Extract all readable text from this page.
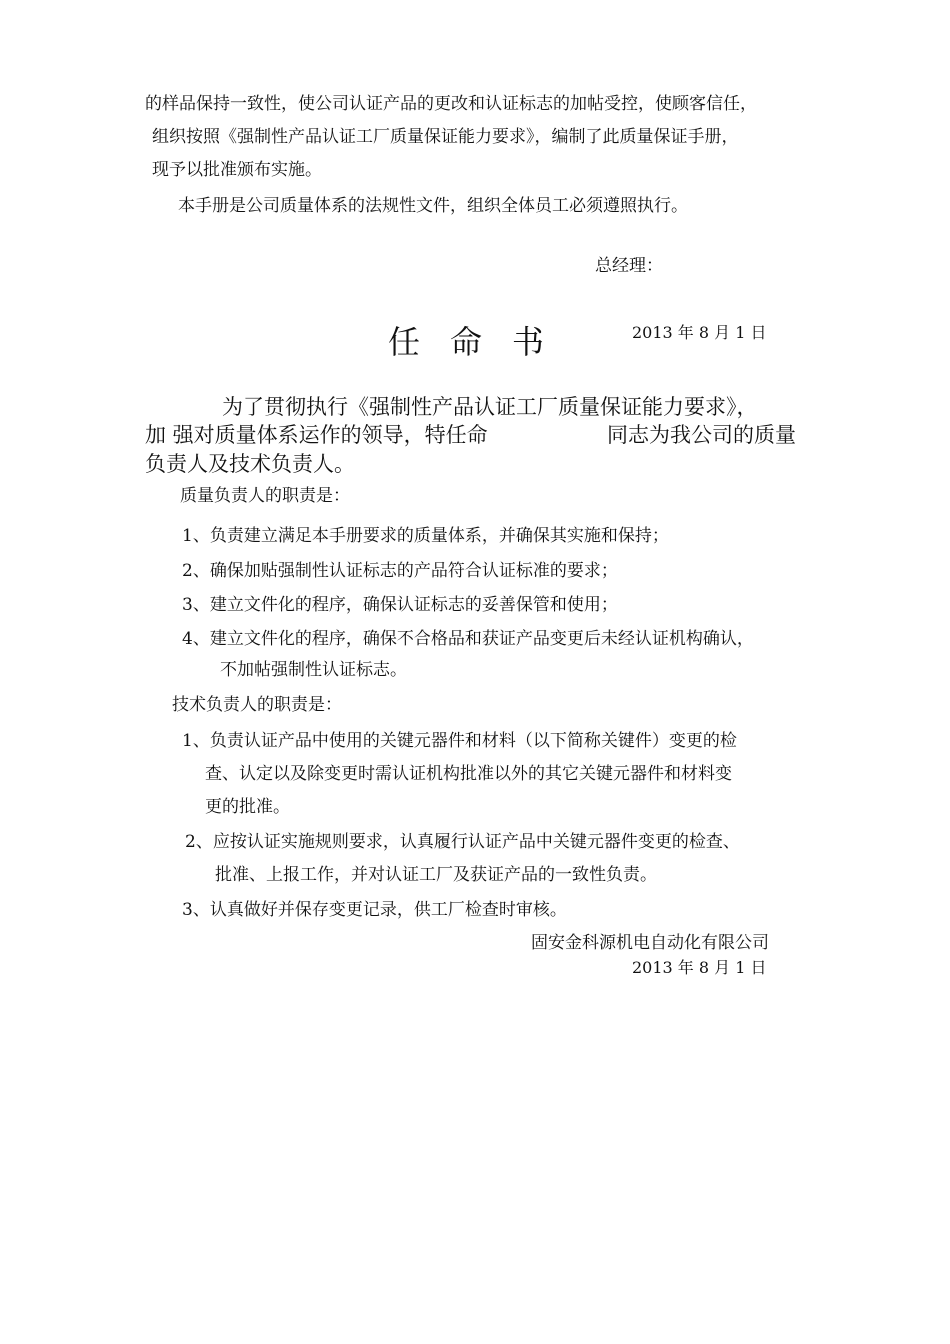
的样品保持一致性，使公司认证产品的更改和认证标志的加帖受控，使顾客信任，
组织按照《强制性产品认证工厂质量保证能力要求》，编制了此质量保证手册，
现予以批准颁布实施。
本手册是公司质量体系的法规性文件，组织全体员工必须遵照执行。
总经理：
任命书	2013 年 8 月 1 日
为了贯彻执行《强制性产品认证工厂质量保证能力要求》，
加 强对质量体系运作的领导，特任命	同志为我公司的质量
负责人及技术负责人。
质量负责人的职责是：
1、负责建立满足本手册要求的质量体系，并确保其实施和保持；
2、确保加贴强制性认证标志的产品符合认证标准的要求；
3、建立文件化的程序，确保认证标志的妥善保管和使用；
4、建立文件化的程序，确保不合格品和获证产品变更后未经认证机构确认，
不加帖强制性认证标志。
技术负责人的职责是：
1、负责认证产品中使用的关键元器件和材料（以下简称关键件）变更的检
查、认定以及除变更时需认证机构批准以外的其它关键元器件和材料变
更的批准。
2、应按认证实施规则要求，认真履行认证产品中关键元器件变更的检查、
批准、上报工作，并对认证工厂及获证产品的一致性负责。
3、认真做好并保存变更记录，供工厂检查时审核。
固安金科源机电自动化有限公司
2013 年 8 月 1 日
